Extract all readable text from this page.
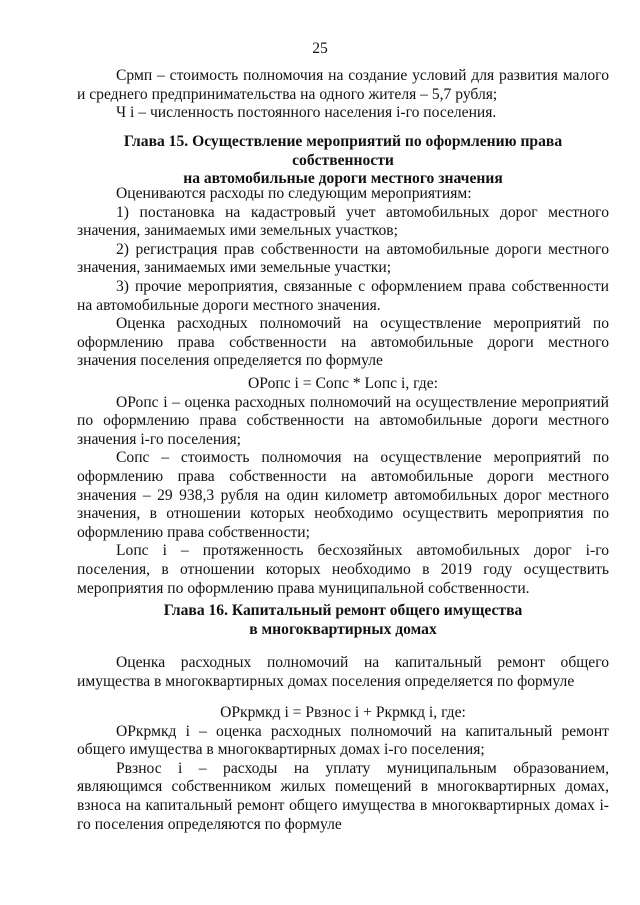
25

Срмп – стоимость полномочия на создание условий для развития малого и среднего предпринимательства на одного жителя – 5,7 рубля;

Ч i – численность постоянного населения i-го поселения.

Глава 15. Осуществление мероприятий по оформлению права собственности
на автомобильные дороги местного значения

Оцениваются расходы по следующим мероприятиям:

1) постановка на кадастровый учет автомобильных дорог местного значения, занимаемых ими земельных участков;

2) регистрация прав собственности на автомобильные дороги местного значения, занимаемых ими земельные участки;

3) прочие мероприятия, связанные с оформлением права собственности на автомобильные дороги местного значения.

Оценка расходных полномочий на осуществление мероприятий по оформлению права собственности на автомобильные дороги местного значения поселения определяется по формуле

ОРопс i = Сопс * Lопс i, где:

ОРопс i – оценка расходных полномочий на осуществление мероприятий по оформлению права собственности на автомобильные дороги местного значения i-го поселения;

Сопс – стоимость полномочия на осуществление мероприятий по оформлению права собственности на автомобильные дороги местного значения – 29 938,3 рубля на один километр автомобильных дорог местного значения, в отношении которых необходимо осуществить мероприятия по оформлению права собственности;

Lопс i – протяженность бесхозяйных автомобильных дорог i-го поселения, в отношении которых необходимо в 2019 году осуществить мероприятия по оформлению права муниципальной собственности.

Глава 16. Капитальный ремонт общего имущества
в многоквартирных домах

Оценка расходных полномочий на капитальный ремонт общего имущества в многоквартирных домах поселения определяется по формуле

ОРкрмкд i = Рвзнос i + Ркрмкд i, где:

ОРкрмкд i – оценка расходных полномочий на капитальный ремонт общего имущества в многоквартирных домах i-го поселения;

Рвзнос i – расходы на уплату муниципальным образованием, являющимся собственником жилых помещений в многоквартирных домах, взноса на капитальный ремонт общего имущества в многоквартирных домах i-го поселения определяются по формуле
